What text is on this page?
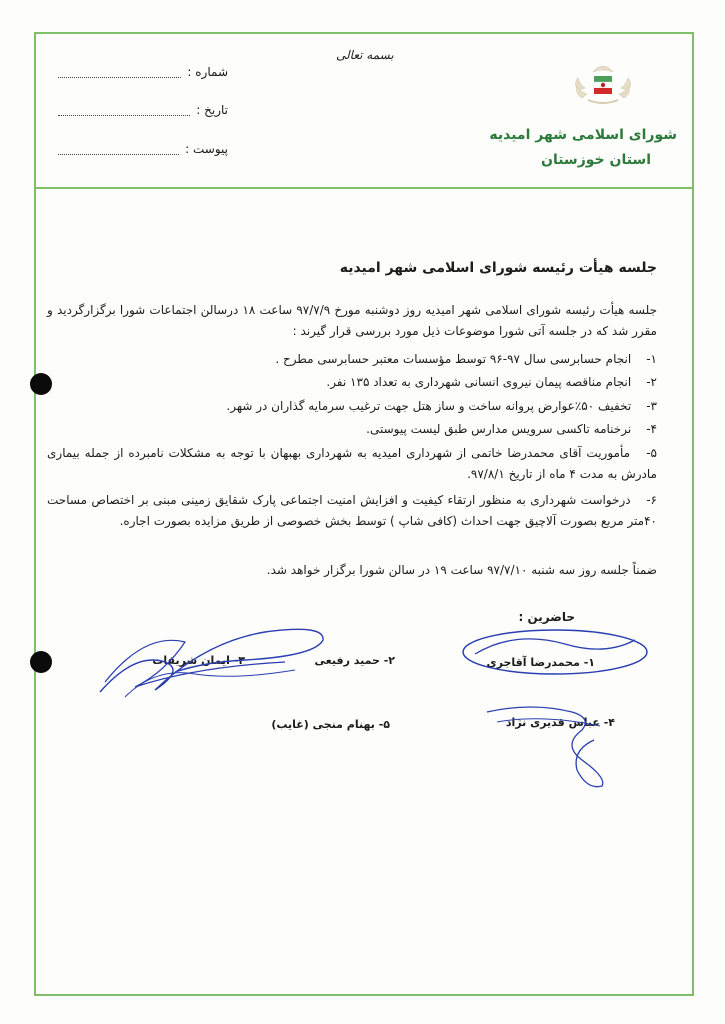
شماره :
تاریخ :
پیوست :
بسمه تعالی
شورای اسلامی شهر امیدیه
استان خوزستان
جلسه هیأت رئیسه شورای اسلامی شهر امیدیه
جلسه هیأت رئیسه شورای اسلامی شهر امیدیه روز دوشنبه مورخ ۹۷/۷/۹ ساعت ۱۸ درسالن اجتماعات شورا برگزارگردید و مقرر شد که در جلسه آتی شورا موضوعات ذیل مورد بررسی قرار گیرند :
۱- انجام حسابرسی سال ۹۷-۹۶ توسط مؤسسات معتبر حسابرسی مطرح .
۲- انجام مناقصه پیمان نیروی انسانی شهرداری به تعداد ۱۳۵ نفر.
۳- تخفیف ۵۰٪عوارض پروانه ساخت و ساز هتل جهت ترغیب سرمایه گذاران در شهر.
۴- نرخنامه تاکسی سرویس مدارس طبق لیست پیوستی.
۵- مأموریت آقای محمدرضا خاتمی از شهرداری امیدیه به شهرداری بهبهان با توجه به مشکلات نامبرده از جمله بیماری مادرش به مدت ۴ ماه از تاریخ ۹۷/۸/۱.
۶- درخواست شهرداری به منظور ارتقاء کیفیت و افزایش امنیت اجتماعی پارک شقایق زمینی مبنی بر اختصاص مساحت ۴۰متر مربع بصورت آلاچیق جهت احداث (کافی شاپ ) توسط بخش خصوصی از طریق مزایده بصورت اجاره.
ضمناً جلسه روز سه شنبه ۹۷/۷/۱۰ ساعت ۱۹ در سالن شورا برگزار خواهد شد.
حاضرین :
۱- محمدرضا آقاجری
۲- حمید رفیعی
۳- ایمان شریفات
۴- عباس قدیری نژاد
۵- بهنام منجی (غایب)
